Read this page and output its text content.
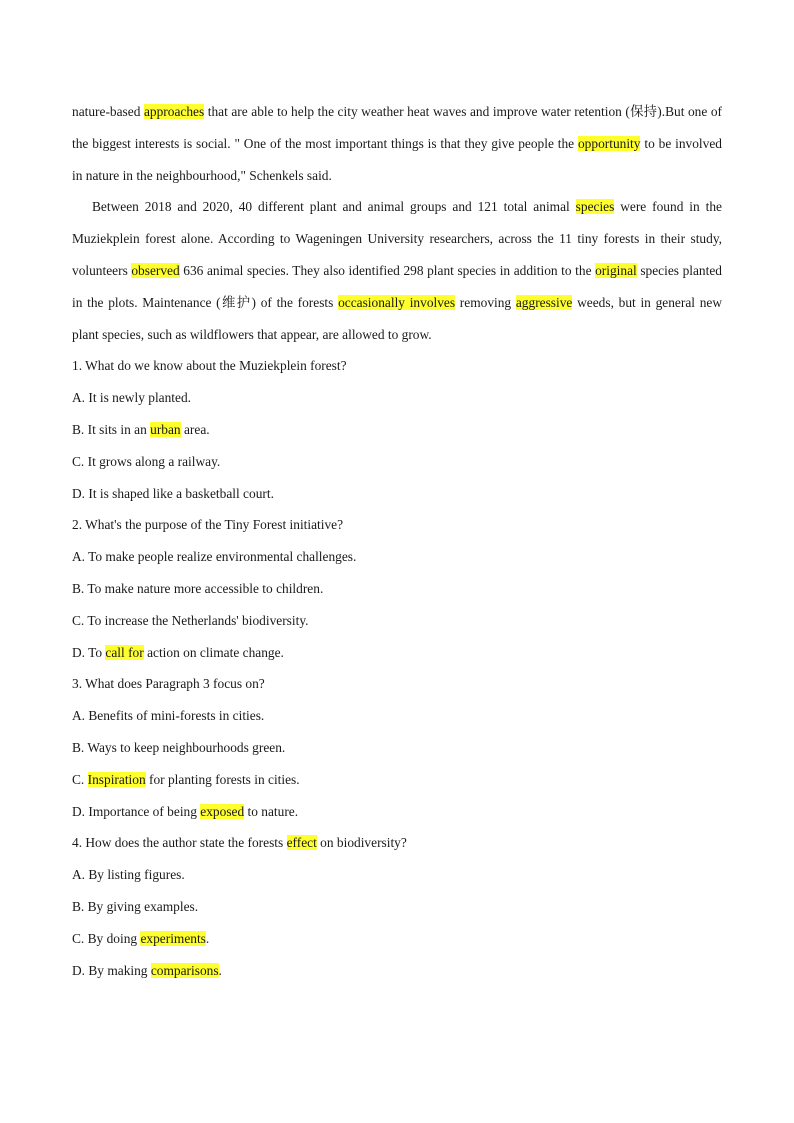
nature-based approaches that are able to help the city weather heat waves and improve water retention (保持).But one of the biggest interests is social. " One of the most important things is that they give people the opportunity to be involved in nature in the neighbourhood," Schenkels said.

Between 2018 and 2020, 40 different plant and animal groups and 121 total animal species were found in the Muziekplein forest alone. According to Wageningen University researchers, across the 11 tiny forests in their study, volunteers observed 636 animal species. They also identified 298 plant species in addition to the original species planted in the plots. Maintenance (维护) of the forests occasionally involves removing aggressive weeds, but in general new plant species, such as wildflowers that appear, are allowed to grow.

1. What do we know about the Muziekplein forest?

A. It is newly planted.

B. It sits in an urban area.

C. It grows along a railway.

D. It is shaped like a basketball court.

2. What's the purpose of the Tiny Forest initiative?

A. To make people realize environmental challenges.

B. To make nature more accessible to children.

C. To increase the Netherlands' biodiversity.

D. To call for action on climate change.

3. What does Paragraph 3 focus on?

A. Benefits of mini-forests in cities.

B. Ways to keep neighbourhoods green.

C. Inspiration for planting forests in cities.

D. Importance of being exposed to nature.

4. How does the author state the forests effect on biodiversity?

A. By listing figures.

B. By giving examples.

C. By doing experiments.

D. By making comparisons.
